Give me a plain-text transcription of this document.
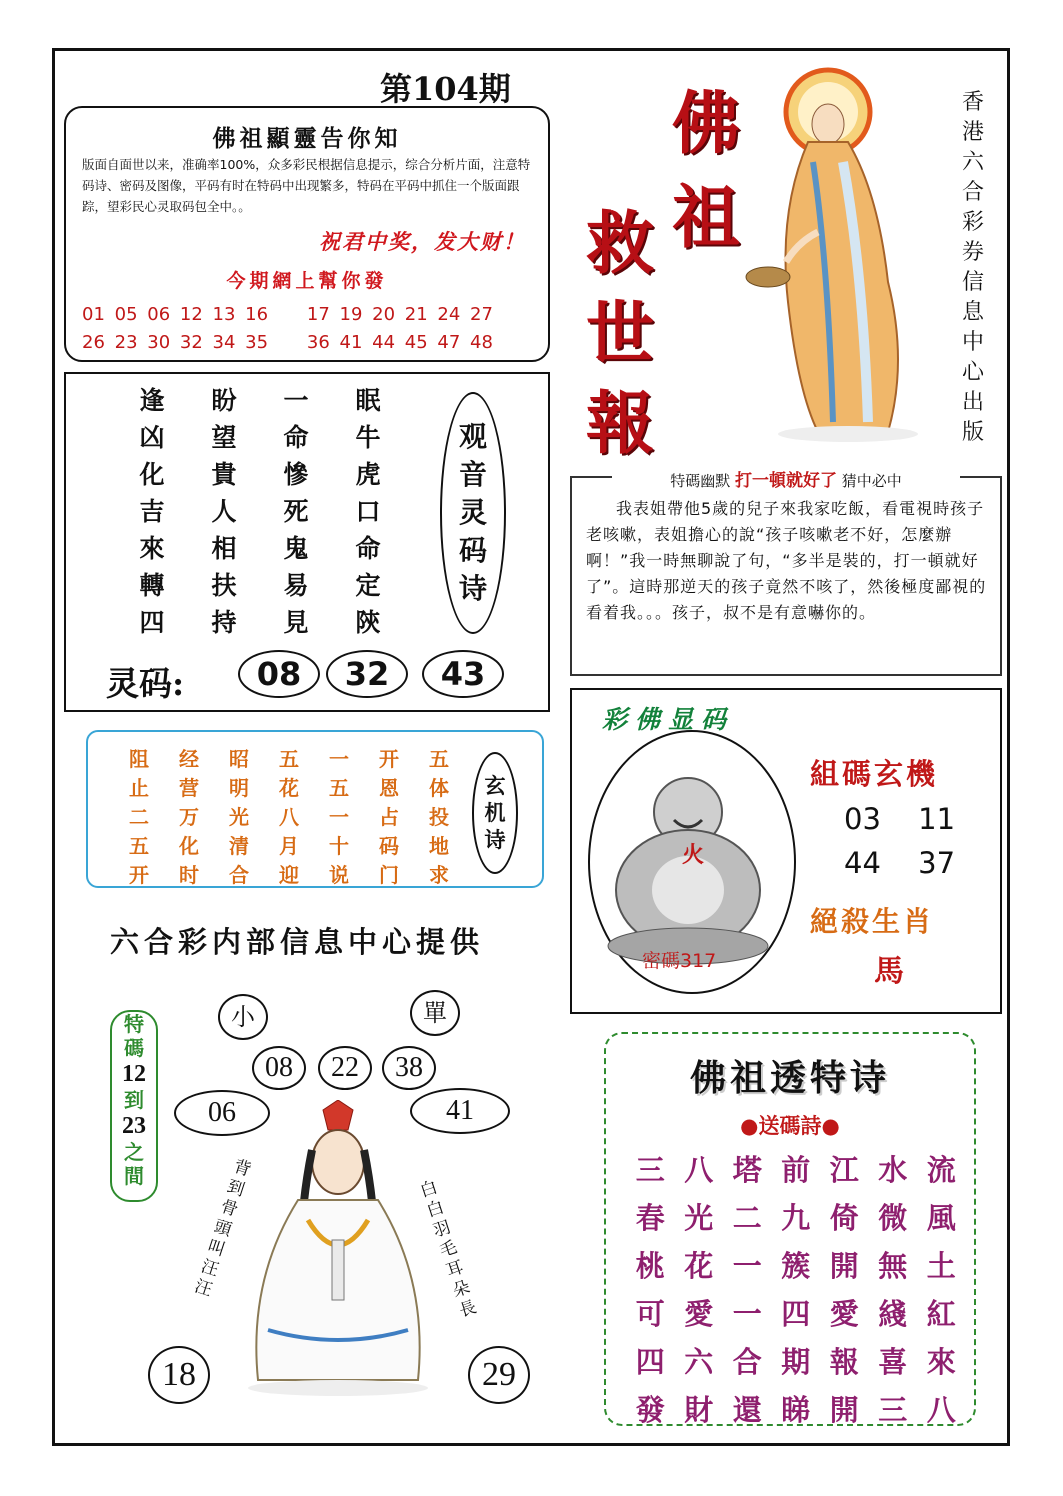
第104期
佛祖顯靈告你知
版面自面世以来，准确率100%，众多彩民根据信息提示，综合分析片面，注意特码诗、密码及图像，平码有时在特码中出现繁多，特码在平码中抓住一个版面跟踪，望彩民心灵取码包全中。。
祝君中奖，发大财！
今期網上幫你發
01 05 06 12 13 16    17 19 20 21 24 27
26 23 30 32 34 35    36 41 44 45 47 48
佛
祖
救
世
報
香港六合彩券信息中心出版
特碼幽默 打一頓就好了 猜中必中
我表姐帶他5歲的兒子來我家吃飯，看電視時孩子老咳嗽，表姐擔心的說“孩子咳嗽老不好，怎麼辦啊！”我一時無聊說了句，“多半是裝的，打一頓就好了”。這時那逆天的孩子竟然不咳了，然後極度鄙視的看着我。。。孩子，叔不是有意嚇你的。
逢	盼	一	眠
凶	望	命	牛
化	貴	慘	虎
吉	人	死	口
來	相	鬼	命
轉	扶	易	定
四	持	見	陝
观
音
灵
码
诗
灵码:	08	32	43
阻	经	昭	五	一	开	五
止	营	明	花	五	恩	体
二	万	光	八	一	占	投
五	化	清	月	十	码	地
开	时	合	迎	说	门	求
玄
机
诗
六合彩内部信息中心提供
彩佛显码
火
密碼317
組碼玄機
03 11
44 37
絕殺生肖
馬
特
碼
12
到
23
之
間
小	單
08	22	38
06	41
18	29
背到骨頭叫汪汪
白白羽毛耳朵長
佛祖透特诗
●送碼詩●
三 八 塔 前 江 水 流
春 光 二 九 倚 微 風
桃 花 一 簇 開 無 土
可 愛 一 四 愛 綫 紅
四 六 合 期 報 喜 來
發 財 還 睇 開 三 八
